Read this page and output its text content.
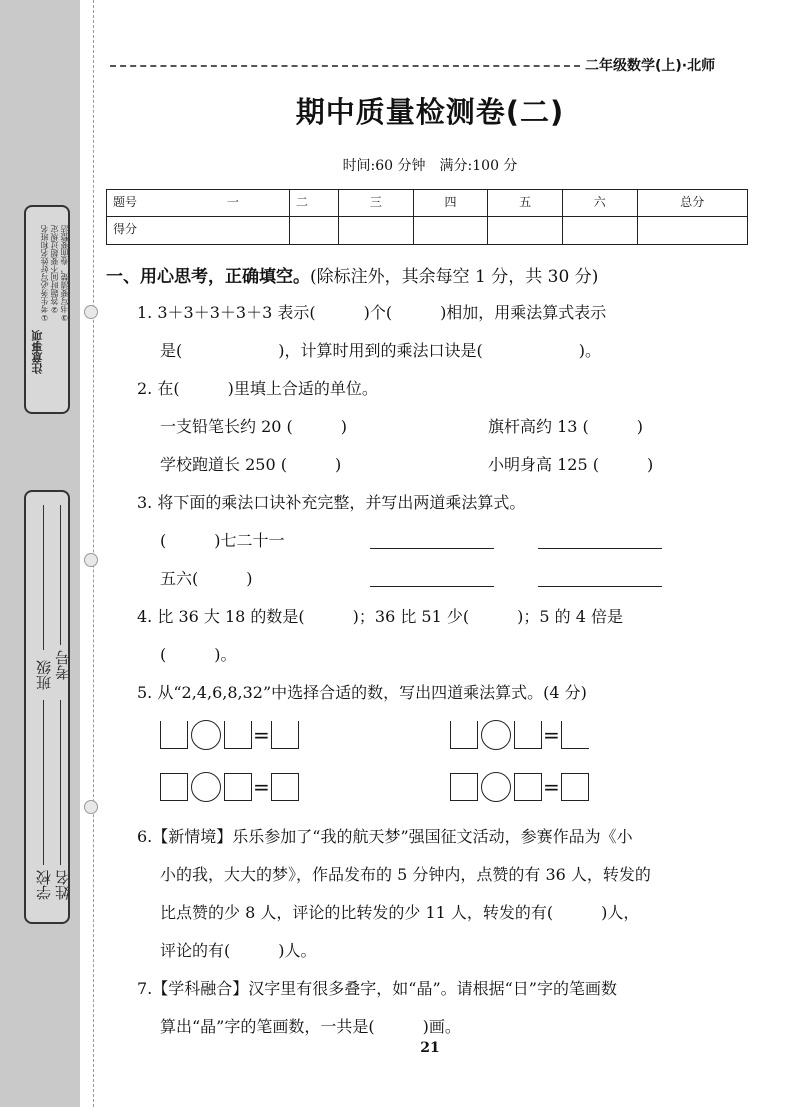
注意事项
①考生务必写好姓名和班名 ②答题时间不要超过规定 ③书写要清楚，卷面要整洁
班级 考号
学校 姓名
二年级数学(上)·北师
期中质量检测卷(二)
时间:60 分钟　满分:100 分
题号	一	二	三	四	五	六	总分
得分							
一、用心思考，正确填空。(除标注外，其余每空 1 分，共 30 分)
1. 3＋3＋3＋3＋3 表示(　　　)个(　　　)相加，用乘法算式表示
是(　　　　　　)，计算时用到的乘法口诀是(　　　　　　)。
2. 在(　　　)里填上合适的单位。
一支铅笔长约 20 (　　　)	旗杆高约 13 (　　　)
学校跑道长 250 (　　　)	小明身高 125 (　　　)
3. 将下面的乘法口诀补充完整，并写出两道乘法算式。
(　　　)七二十一
五六(　　　)
4. 比 36 大 18 的数是(　　　)；36 比 51 少(　　　)；5 的 4 倍是
(　　　)。
5. 从“2,4,6,8,32”中选择合适的数，写出四道乘法算式。(4 分)
=	=
=	=
6.【新情境】乐乐参加了“我的航天梦”强国征文活动，参赛作品为《小
小的我，大大的梦》，作品发布的 5 分钟内，点赞的有 36 人，转发的
比点赞的少 8 人，评论的比转发的少 11 人，转发的有(　　　)人，
评论的有(　　　)人。
7.【学科融合】汉字里有很多叠字，如“晶”。请根据“日”字的笔画数
算出“晶”字的笔画数，一共是(　　　)画。
21
